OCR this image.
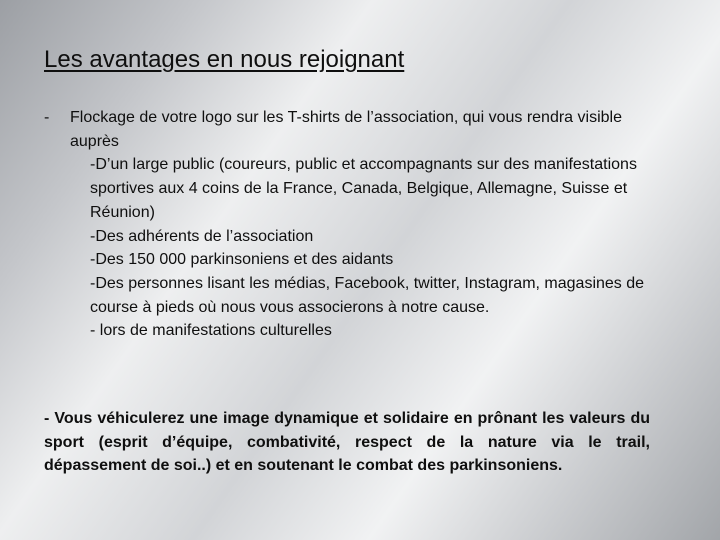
Les avantages en nous rejoignant
-	Flockage de votre logo sur les T-shirts de l’association, qui vous rendra visible auprès
-D’un large public (coureurs, public et accompagnants sur des manifestations sportives aux 4 coins de la France, Canada, Belgique, Allemagne, Suisse et Réunion)
-Des adhérents de l’association
-Des 150 000 parkinsoniens et des aidants
-Des personnes lisant les médias, Facebook, twitter, Instagram, magasines de course à pieds où nous vous associerons à notre cause.
- lors de manifestations culturelles

- Vous véhiculerez une image dynamique et solidaire en prônant les valeurs du sport (esprit d’équipe, combativité, respect de la nature via le trail, dépassement de soi..) et en soutenant le combat des parkinsoniens.
